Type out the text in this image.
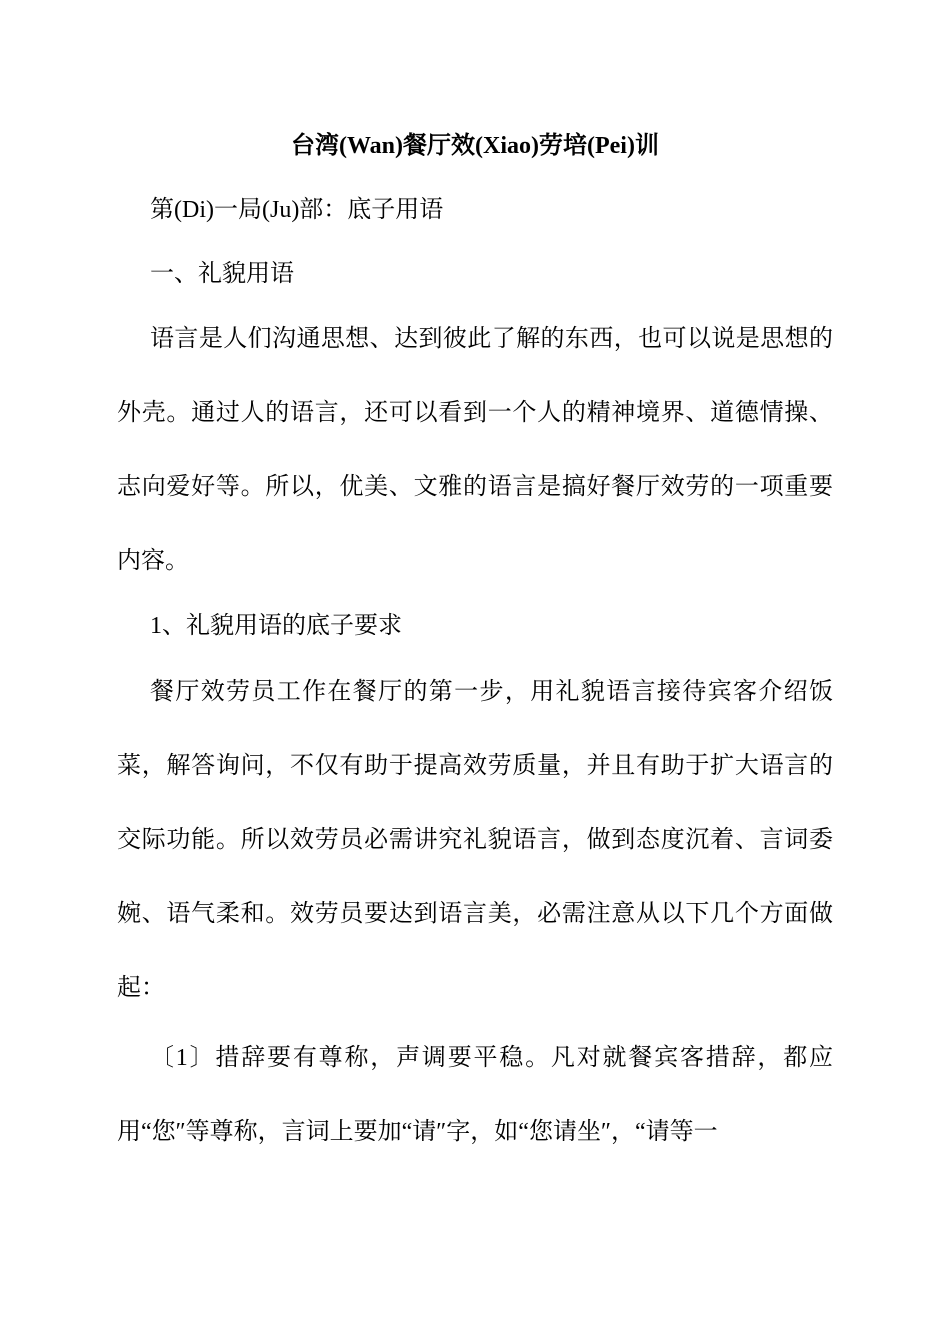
台湾(Wan)餐厅效(Xiao)劳培(Pei)训

第(Di)一局(Ju)部：底子用语

一、礼貌用语

语言是人们沟通思想、达到彼此了解的东西，也可以说是思想的外壳。通过人的语言，还可以看到一个人的精神境界、道德情操、志向爱好等。所以，优美、文雅的语言是搞好餐厅效劳的一项重要内容。

1、礼貌用语的底子要求

餐厅效劳员工作在餐厅的第一步，用礼貌语言接待宾客介绍饭菜，解答询问，不仅有助于提高效劳质量，并且有助于扩大语言的交际功能。所以效劳员必需讲究礼貌语言，做到态度沉着、言词委婉、语气柔和。效劳员要达到语言美，必需注意从以下几个方面做起：

〔1〕措辞要有尊称，声调要平稳。凡对就餐宾客措辞，都应用“您″等尊称，言词上要加“请″字，如“您请坐″，“请等一
